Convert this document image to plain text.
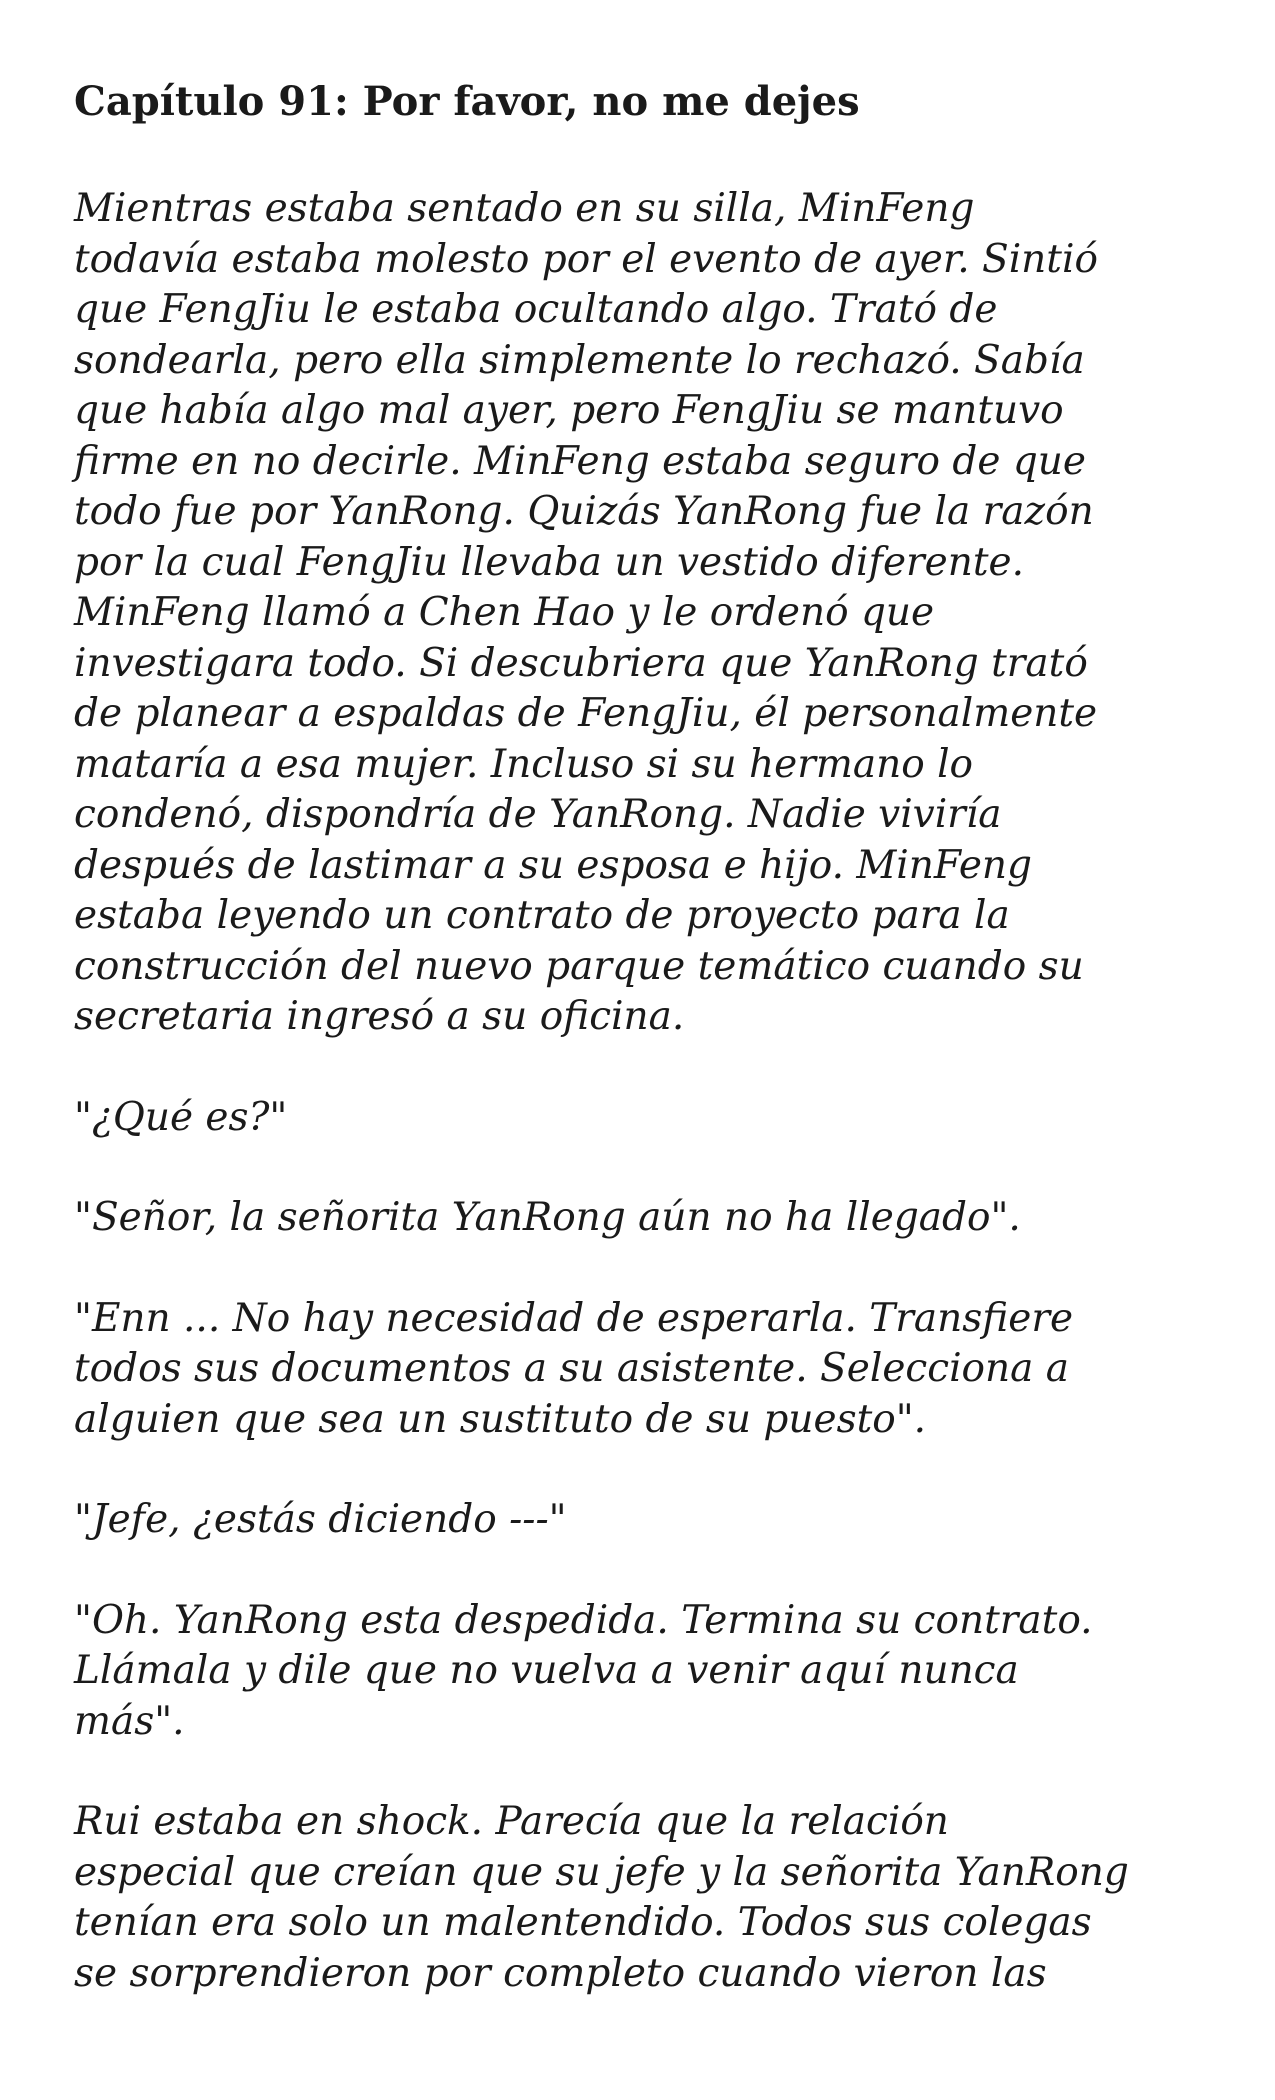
Capítulo 91: Por favor, no me dejes
Mientras estaba sentado en su silla, MinFeng
todavía estaba molesto por el evento de ayer. Sintió
que FengJiu le estaba ocultando algo. Trató de
sondearla, pero ella simplemente lo rechazó. Sabía
que había algo mal ayer, pero FengJiu se mantuvo
firme en no decirle. MinFeng estaba seguro de que
todo fue por YanRong. Quizás YanRong fue la razón
por la cual FengJiu llevaba un vestido diferente.
MinFeng llamó a Chen Hao y le ordenó que
investigara todo. Si descubriera que YanRong trató
de planear a espaldas de FengJiu, él personalmente
mataría a esa mujer. Incluso si su hermano lo
condenó, dispondría de YanRong. Nadie viviría
después de lastimar a su esposa e hijo. MinFeng
estaba leyendo un contrato de proyecto para la
construcción del nuevo parque temático cuando su
secretaria ingresó a su oficina.
"¿Qué es?"
"Señor, la señorita YanRong aún no ha llegado".
"Enn ... No hay necesidad de esperarla. Transfiere
todos sus documentos a su asistente. Selecciona a
alguien que sea un sustituto de su puesto".
"Jefe, ¿estás diciendo ---"
"Oh. YanRong esta despedida. Termina su contrato.
Llámala y dile que no vuelva a venir aquí nunca
más".
Rui estaba en shock. Parecía que la relación
especial que creían que su jefe y la señorita YanRong
tenían era solo un malentendido. Todos sus colegas
se sorprendieron por completo cuando vieron las
